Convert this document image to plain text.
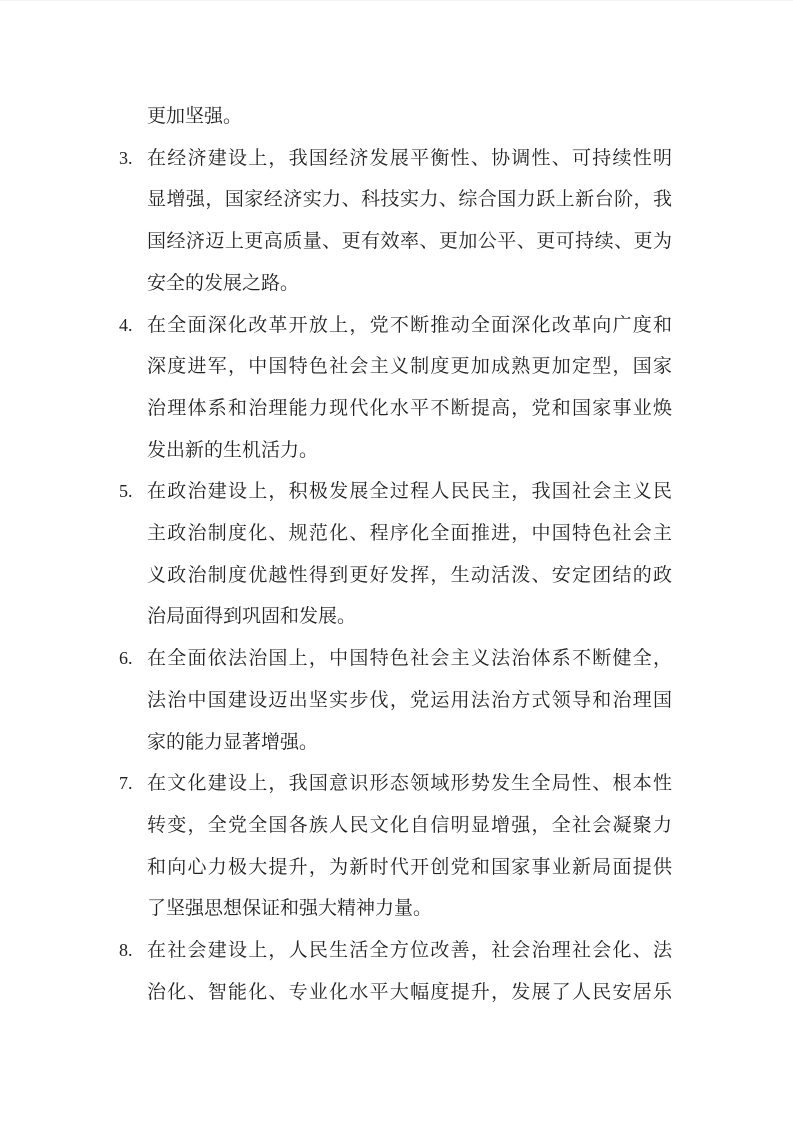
更加坚强。
3. 在经济建设上，我国经济发展平衡性、协调性、可持续性明
显增强，国家经济实力、科技实力、综合国力跃上新台阶，我
国经济迈上更高质量、更有效率、更加公平、更可持续、更为
安全的发展之路。
4. 在全面深化改革开放上，党不断推动全面深化改革向广度和
深度进军，中国特色社会主义制度更加成熟更加定型，国家
治理体系和治理能力现代化水平不断提高，党和国家事业焕
发出新的生机活力。
5. 在政治建设上，积极发展全过程人民民主，我国社会主义民
主政治制度化、规范化、程序化全面推进，中国特色社会主
义政治制度优越性得到更好发挥，生动活泼、安定团结的政
治局面得到巩固和发展。
6. 在全面依法治国上，中国特色社会主义法治体系不断健全，
法治中国建设迈出坚实步伐，党运用法治方式领导和治理国
家的能力显著增强。
7. 在文化建设上，我国意识形态领域形势发生全局性、根本性
转变，全党全国各族人民文化自信明显增强，全社会凝聚力
和向心力极大提升，为新时代开创党和国家事业新局面提供
了坚强思想保证和强大精神力量。
8. 在社会建设上，人民生活全方位改善，社会治理社会化、法
治化、智能化、专业化水平大幅度提升，发展了人民安居乐
